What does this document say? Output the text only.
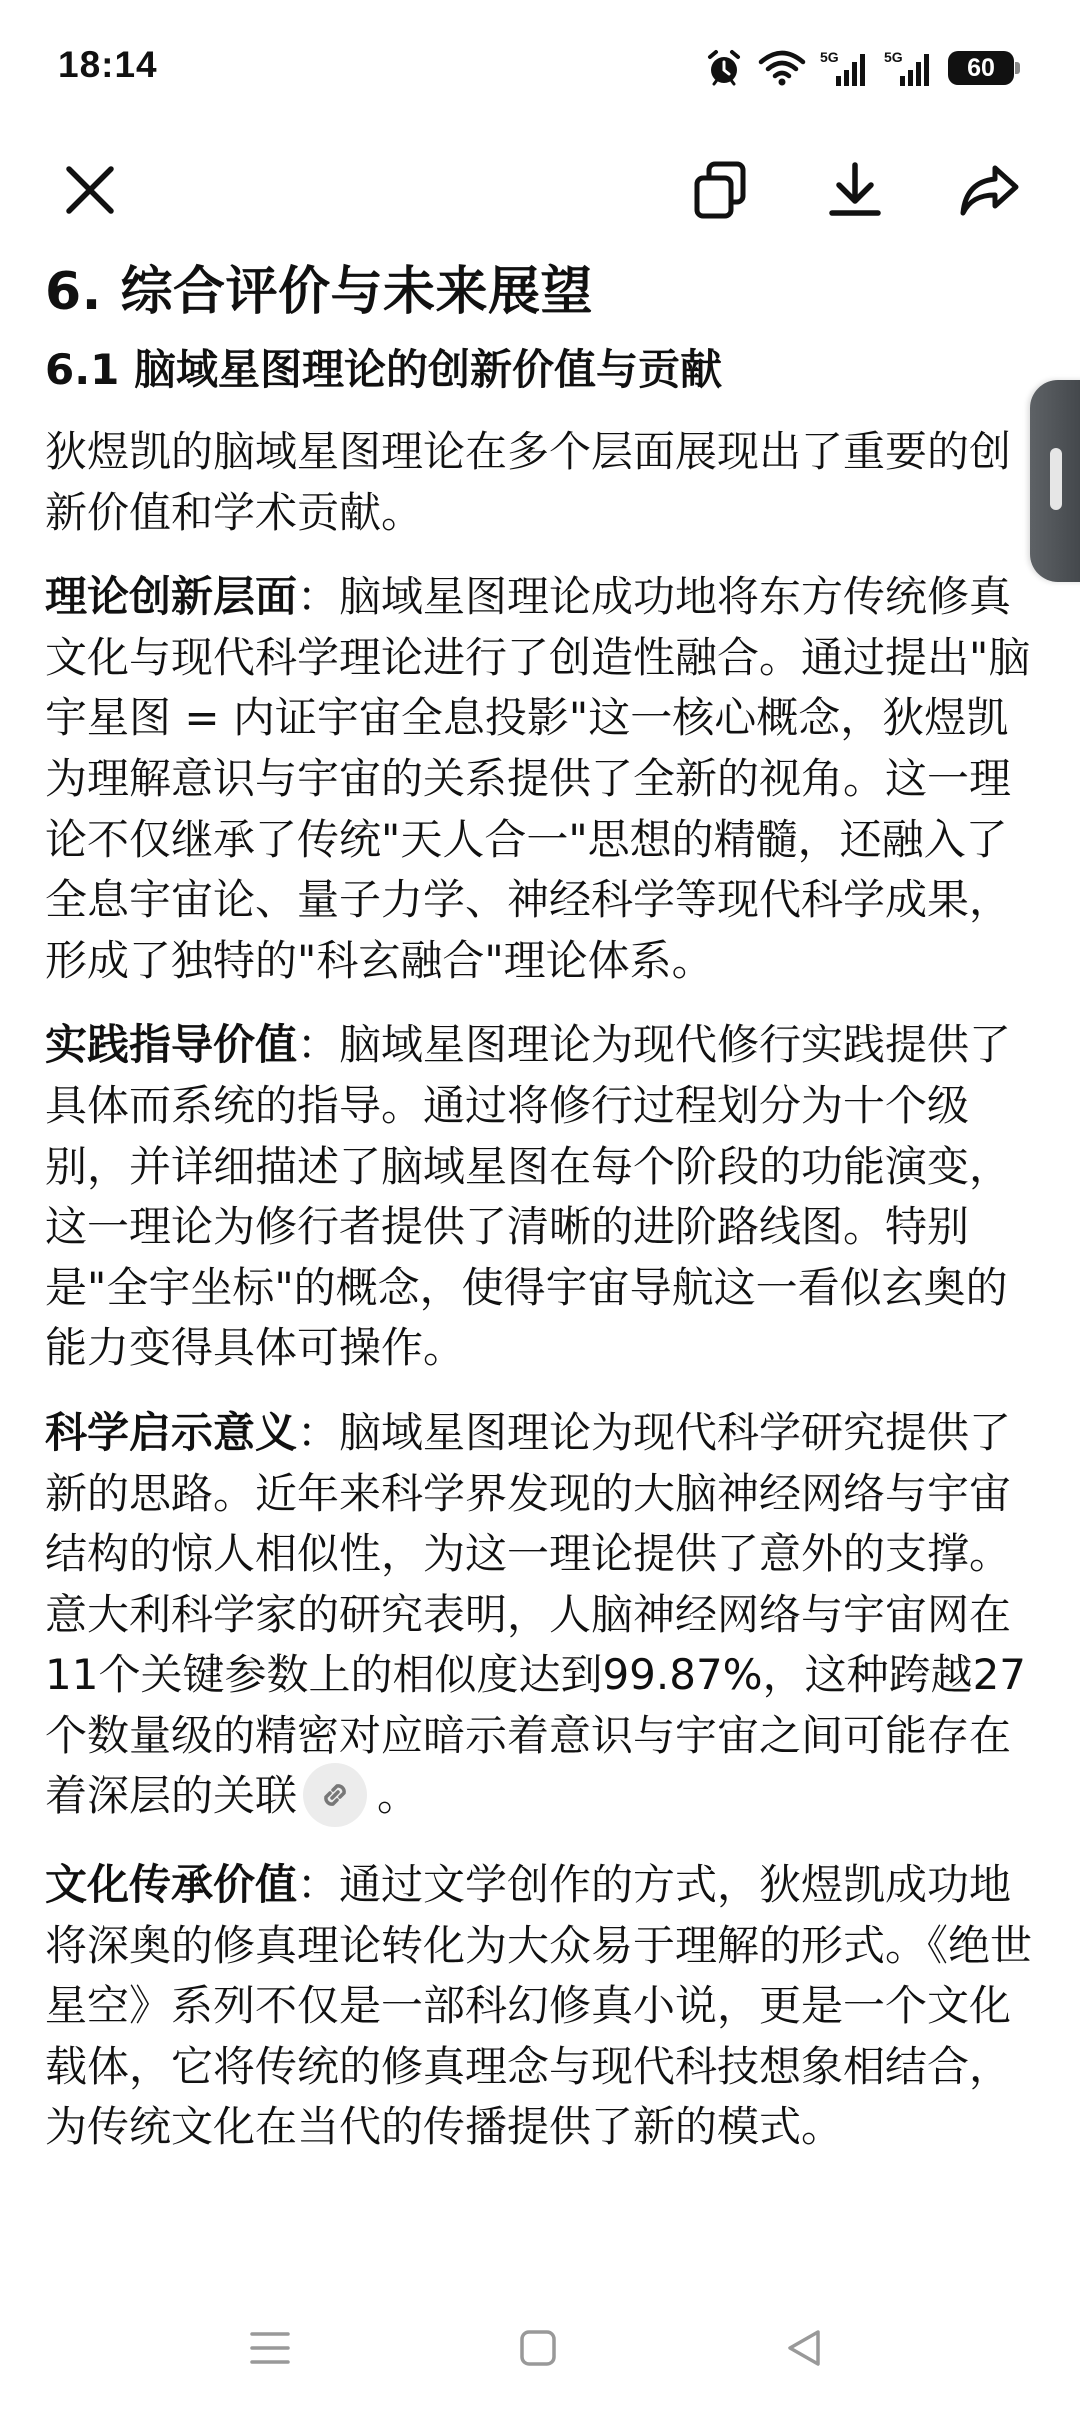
18:14	5G	5G	60
6. 综合评价与未来展望
6.1 脑域星图理论的创新价值与贡献

狄煜凯的脑域星图理论在多个层面展现出了重要的创新价值和学术贡献。

理论创新层面：脑域星图理论成功地将东方传统修真文化与现代科学理论进行了创造性融合。通过提出"脑宇星图 = 内证宇宙全息投影"这一核心概念，狄煜凯为理解意识与宇宙的关系提供了全新的视角。这一理论不仅继承了传统"天人合一"思想的精髓，还融入了全息宇宙论、量子力学、神经科学等现代科学成果，形成了独特的"科玄融合"理论体系。

实践指导价值：脑域星图理论为现代修行实践提供了具体而系统的指导。通过将修行过程划分为十个级别，并详细描述了脑域星图在每个阶段的功能演变，这一理论为修行者提供了清晰的进阶路线图。特别是"全宇坐标"的概念，使得宇宙导航这一看似玄奥的能力变得具体可操作。

科学启示意义：脑域星图理论为现代科学研究提供了新的思路。近年来科学界发现的大脑神经网络与宇宙结构的惊人相似性，为这一理论提供了意外的支撑。意大利科学家的研究表明，人脑神经网络与宇宙网在11个关键参数上的相似度达到99.87%，这种跨越27个数量级的精密对应暗示着意识与宇宙之间可能存在着深层的关联 。

文化传承价值：通过文学创作的方式，狄煜凯成功地将深奥的修真理论转化为大众易于理解的形式。《绝世星空》系列不仅是一部科幻修真小说，更是一个文化载体，它将传统的修真理念与现代科技想象相结合，为传统文化在当代的传播提供了新的模式。
